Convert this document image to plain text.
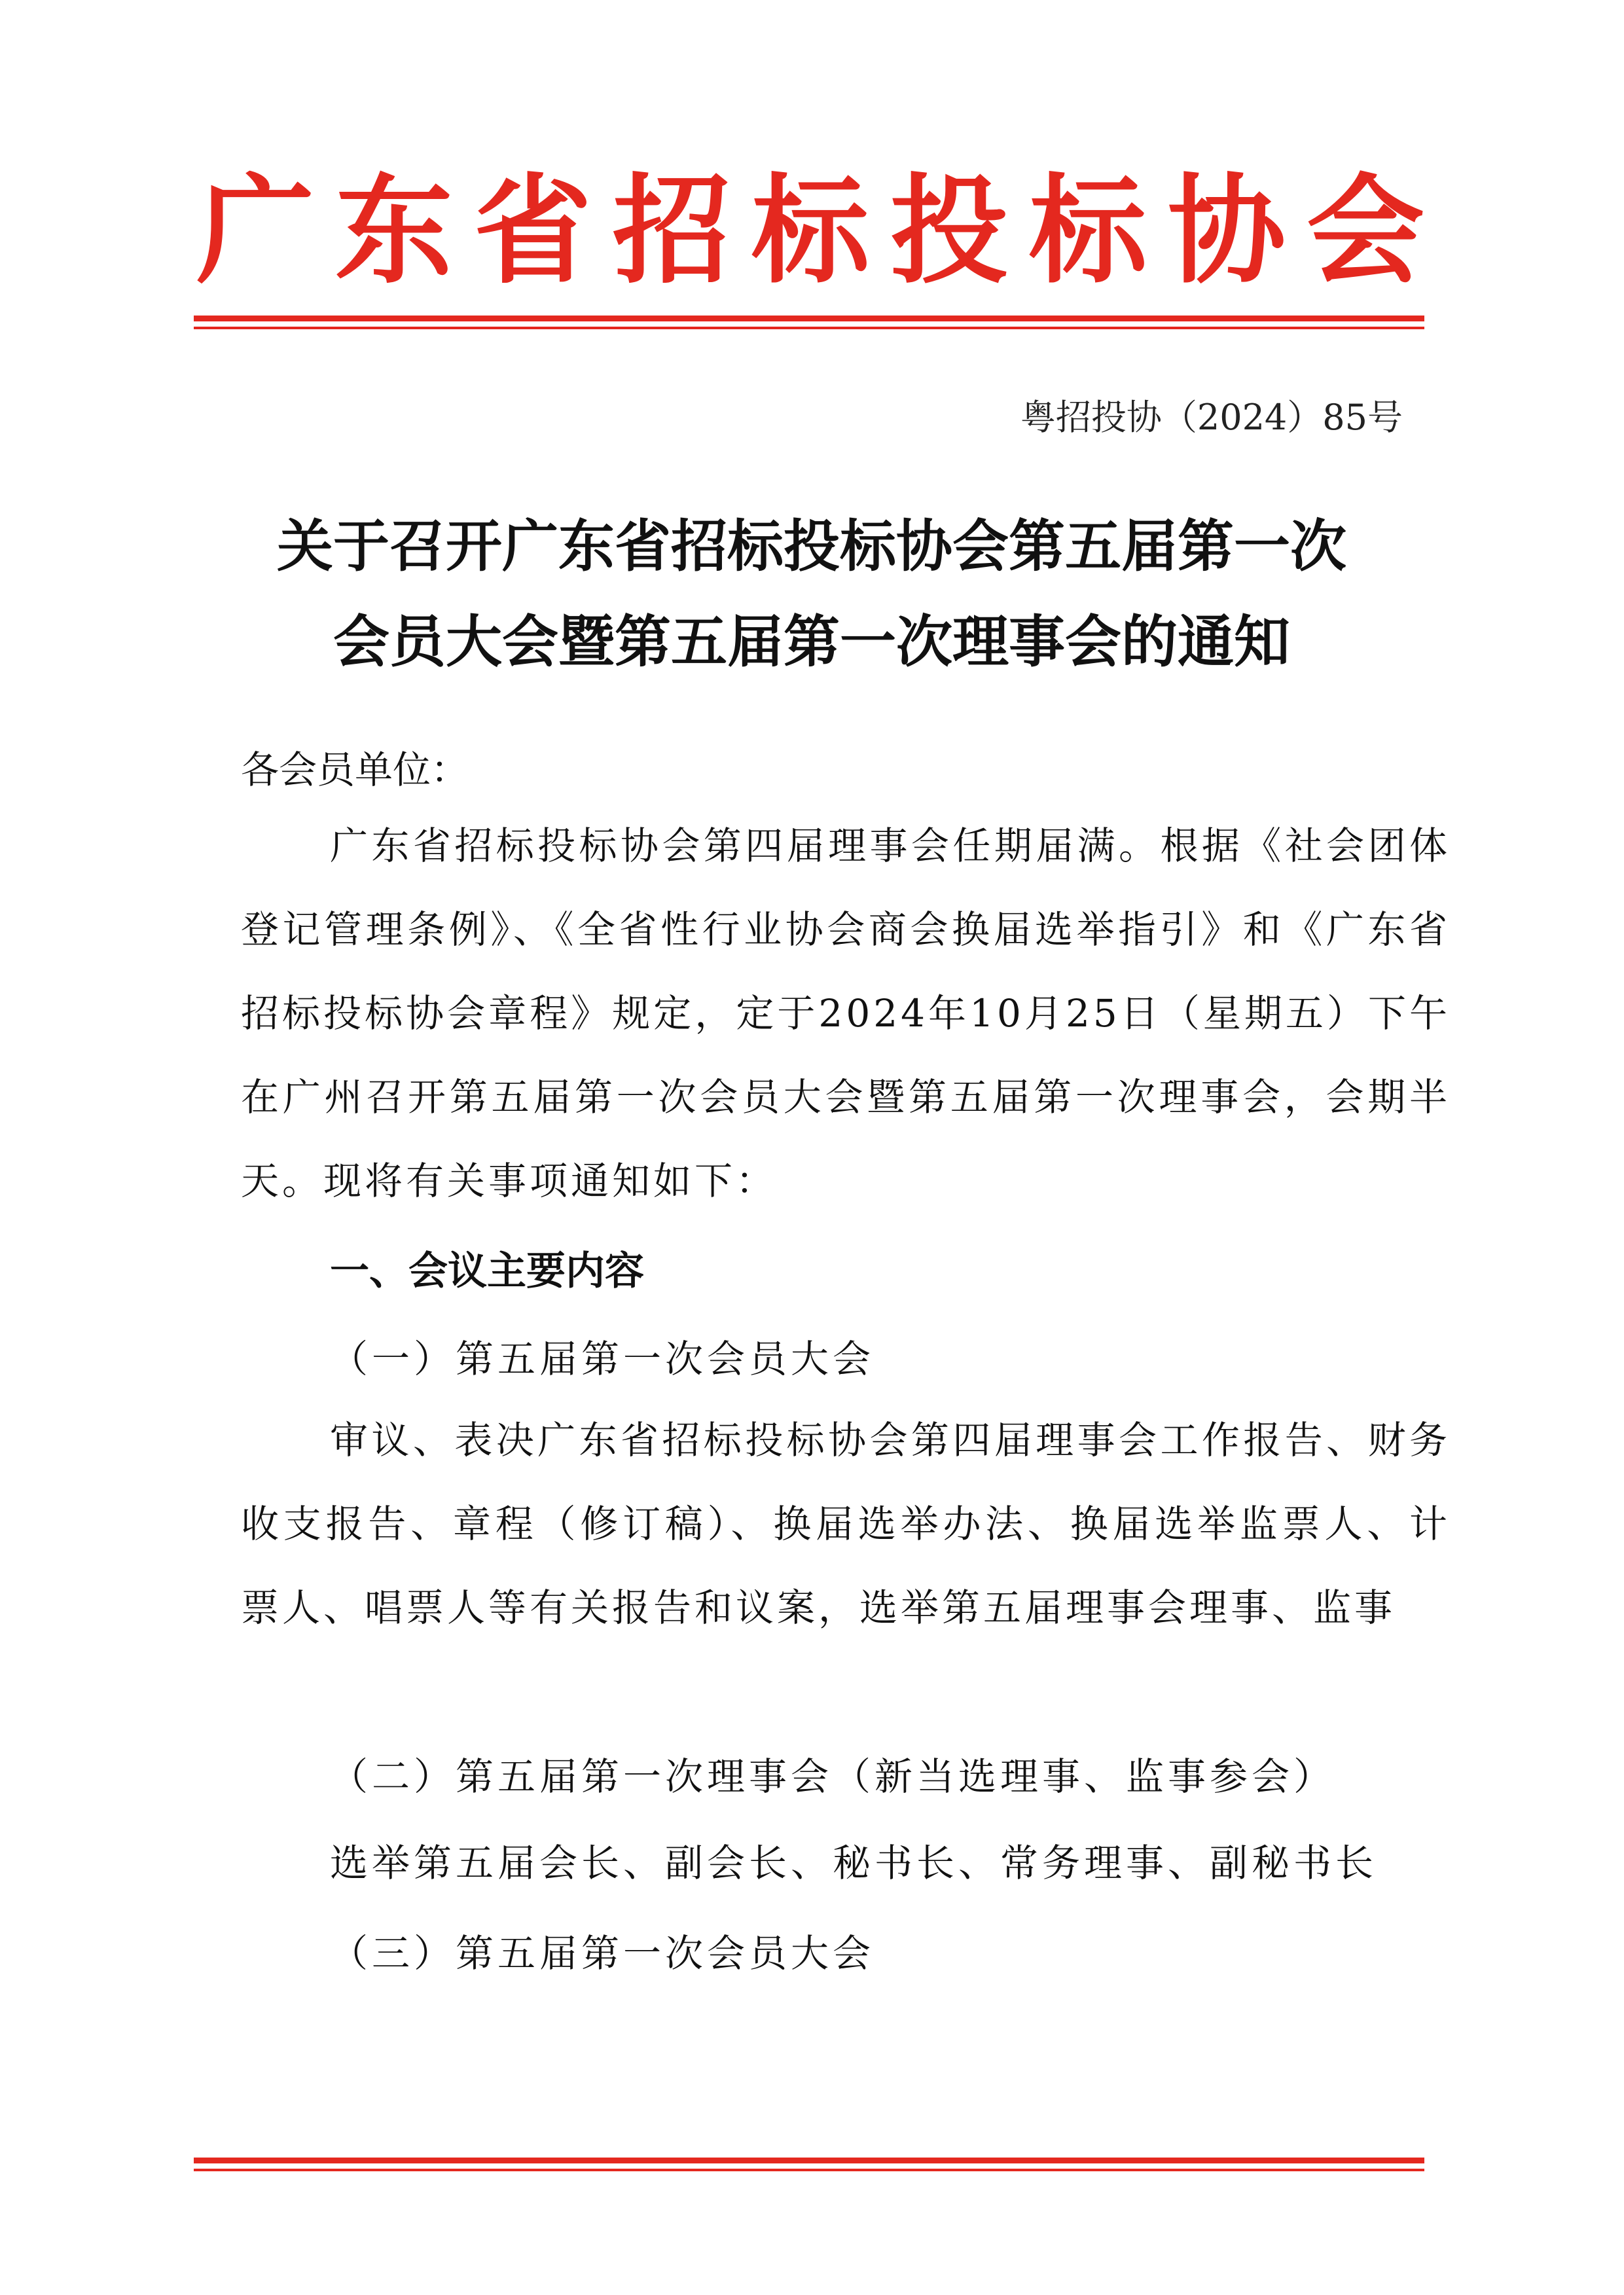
广东省招标投标协会
粤招投协（2024）85号
关于召开广东省招标投标协会第五届第一次
会员大会暨第五届第一次理事会的通知
各会员单位：

广东省招标投标协会第四届理事会任期届满。根据《社会团体登记管理条例》、《全省性行业协会商会换届选举指引》和《广东省招标投标协会章程》规定，定于2024年10月25日（星期五）下午在广州召开第五届第一次会员大会暨第五届第一次理事会，会期半天。现将有关事项通知如下：

一、会议主要内容
（一）第五届第一次会员大会

审议、表决广东省招标投标协会第四届理事会工作报告、财务收支报告、章程（修订稿）、换届选举办法、换届选举监票人、计票人、唱票人等有关报告和议案，选举第五届理事会理事、监事

（二）第五届第一次理事会（新当选理事、监事参会）
选举第五届会长、副会长、秘书长、常务理事、副秘书长
（三）第五届第一次会员大会
